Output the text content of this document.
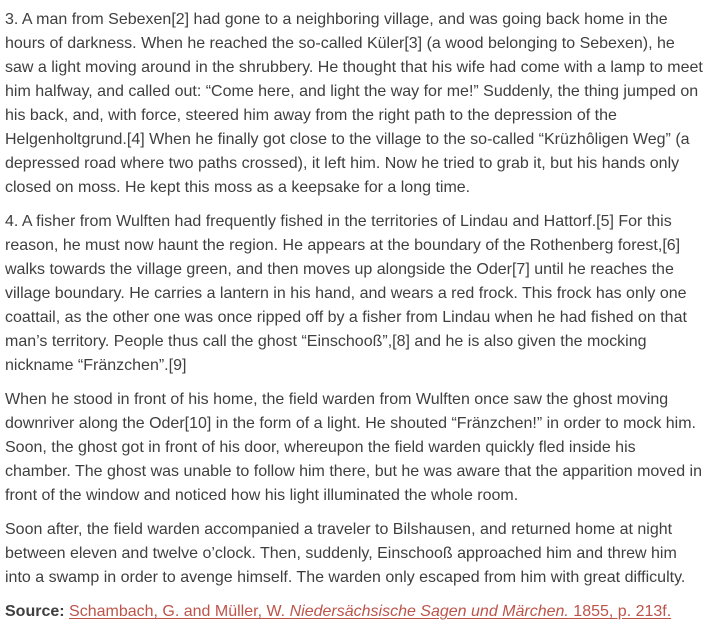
3. A man from Sebexen[2] had gone to a neighboring village, and was going back home in the hours of darkness. When he reached the so-called Küler[3] (a wood belonging to Sebexen), he saw a light moving around in the shrubbery. He thought that his wife had come with a lamp to meet him halfway, and called out: “Come here, and light the way for me!” Suddenly, the thing jumped on his back, and, with force, steered him away from the right path to the depression of the Helgenholtgrund.[4] When he finally got close to the village to the so-called “Krüzhôligen Weg” (a depressed road where two paths crossed), it left him. Now he tried to grab it, but his hands only closed on moss. He kept this moss as a keepsake for a long time.

4. A fisher from Wulften had frequently fished in the territories of Lindau and Hattorf.[5] For this reason, he must now haunt the region. He appears at the boundary of the Rothenberg forest,[6] walks towards the village green, and then moves up alongside the Oder[7] until he reaches the village boundary. He carries a lantern in his hand, and wears a red frock. This frock has only one coattail, as the other one was once ripped off by a fisher from Lindau when he had fished on that man’s territory. People thus call the ghost “Einschooß”,[8] and he is also given the mocking nickname “Fränzchen”.[9]

When he stood in front of his home, the field warden from Wulften once saw the ghost moving downriver along the Oder[10] in the form of a light. He shouted “Fränzchen!” in order to mock him. Soon, the ghost got in front of his door, whereupon the field warden quickly fled inside his chamber. The ghost was unable to follow him there, but he was aware that the apparition moved in front of the window and noticed how his light illuminated the whole room.

Soon after, the field warden accompanied a traveler to Bilshausen, and returned home at night between eleven and twelve o’clock. Then, suddenly, Einschooß approached him and threw him into a swamp in order to avenge himself. The warden only escaped from him with great difficulty.

Source: Schambach, G. and Müller, W. Niedersächsische Sagen und Märchen. 1855, p. 213f.
